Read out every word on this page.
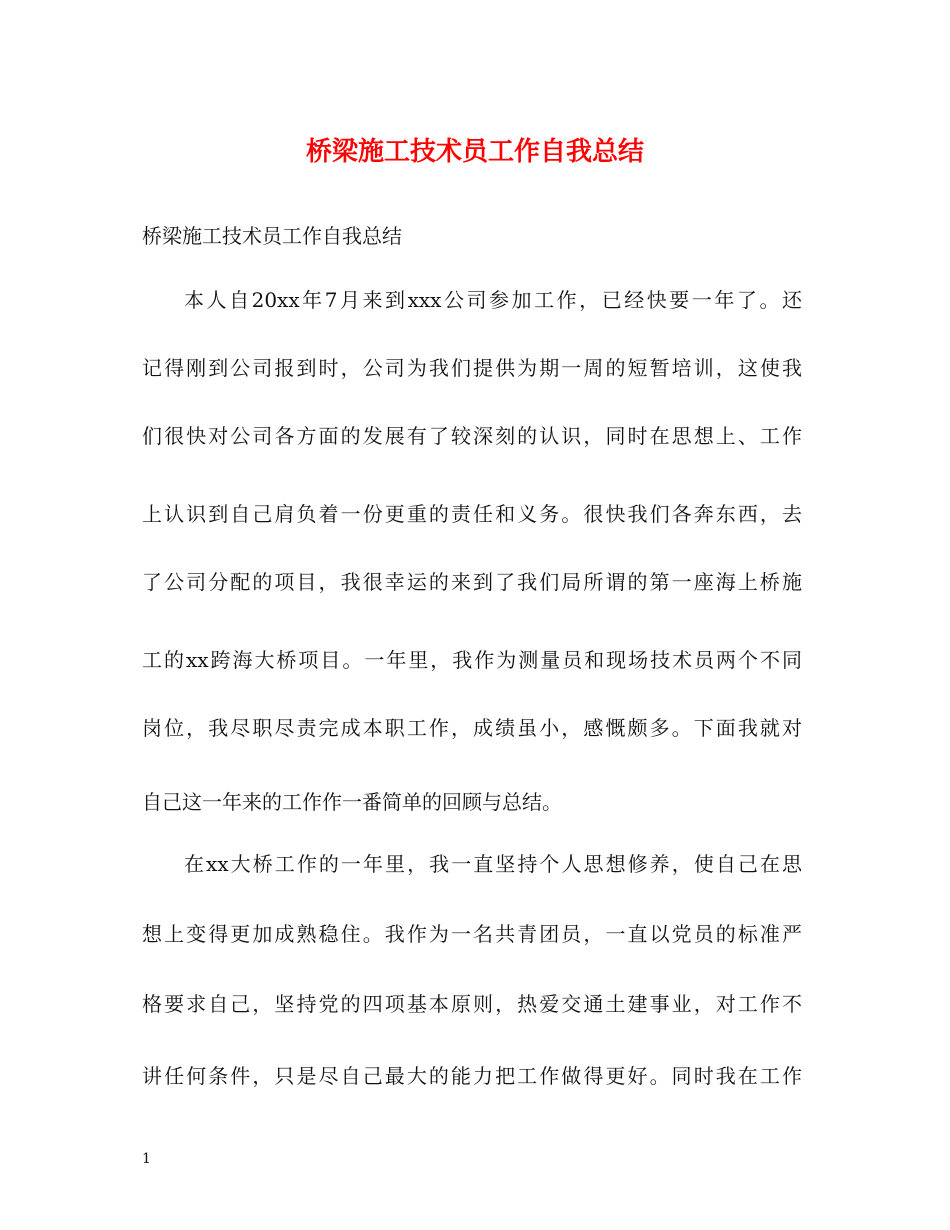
桥梁施工技术员工作自我总结
桥梁施工技术员工作自我总结
本人自20xx年7月来到xxx公司参加工作，已经快要一年了。还
记得刚到公司报到时，公司为我们提供为期一周的短暂培训，这使我
们很快对公司各方面的发展有了较深刻的认识，同时在思想上、工作
上认识到自己肩负着一份更重的责任和义务。很快我们各奔东西，去
了公司分配的项目，我很幸运的来到了我们局所谓的第一座海上桥施
工的xx跨海大桥项目。一年里，我作为测量员和现场技术员两个不同
岗位，我尽职尽责完成本职工作，成绩虽小，感慨颇多。下面我就对
自己这一年来的工作作一番简单的回顾与总结。
在xx大桥工作的一年里，我一直坚持个人思想修养，使自己在思
想上变得更加成熟稳住。我作为一名共青团员，一直以党员的标准严
格要求自己，坚持党的四项基本原则，热爱交通土建事业，对工作不
讲任何条件，只是尽自己最大的能力把工作做得更好。同时我在工作
1
